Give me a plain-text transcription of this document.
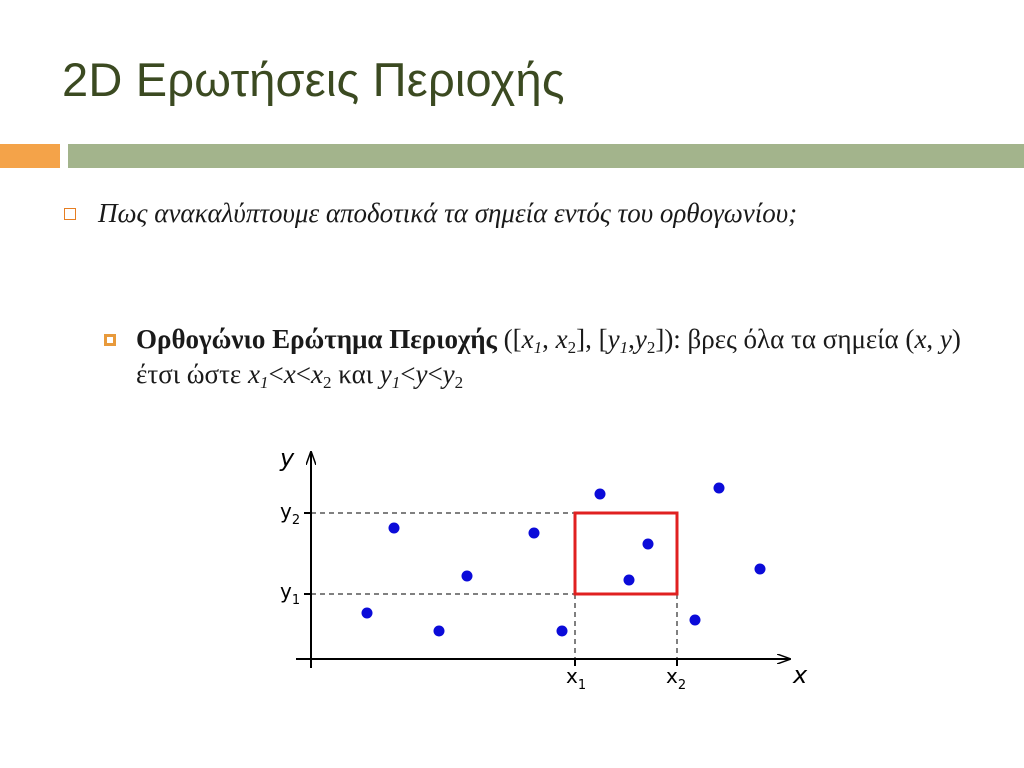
2D Ερωτήσεις Περιοχής
Πως ανακαλύπτουμε αποδοτικά τα σημεία εντός του ορθογωνίου;
Ορθογώνιο Ερώτημα Περιοχής ([$x_1$, $x_2$], $[y_1,y_2]$): βρες όλα τα σημεία (x, y) έτσι ώστε $x_1<x<x_2$ και $y_1<y<y_2$
y
x
$y_2$
$y_1$
$x_1$	$x_2$
